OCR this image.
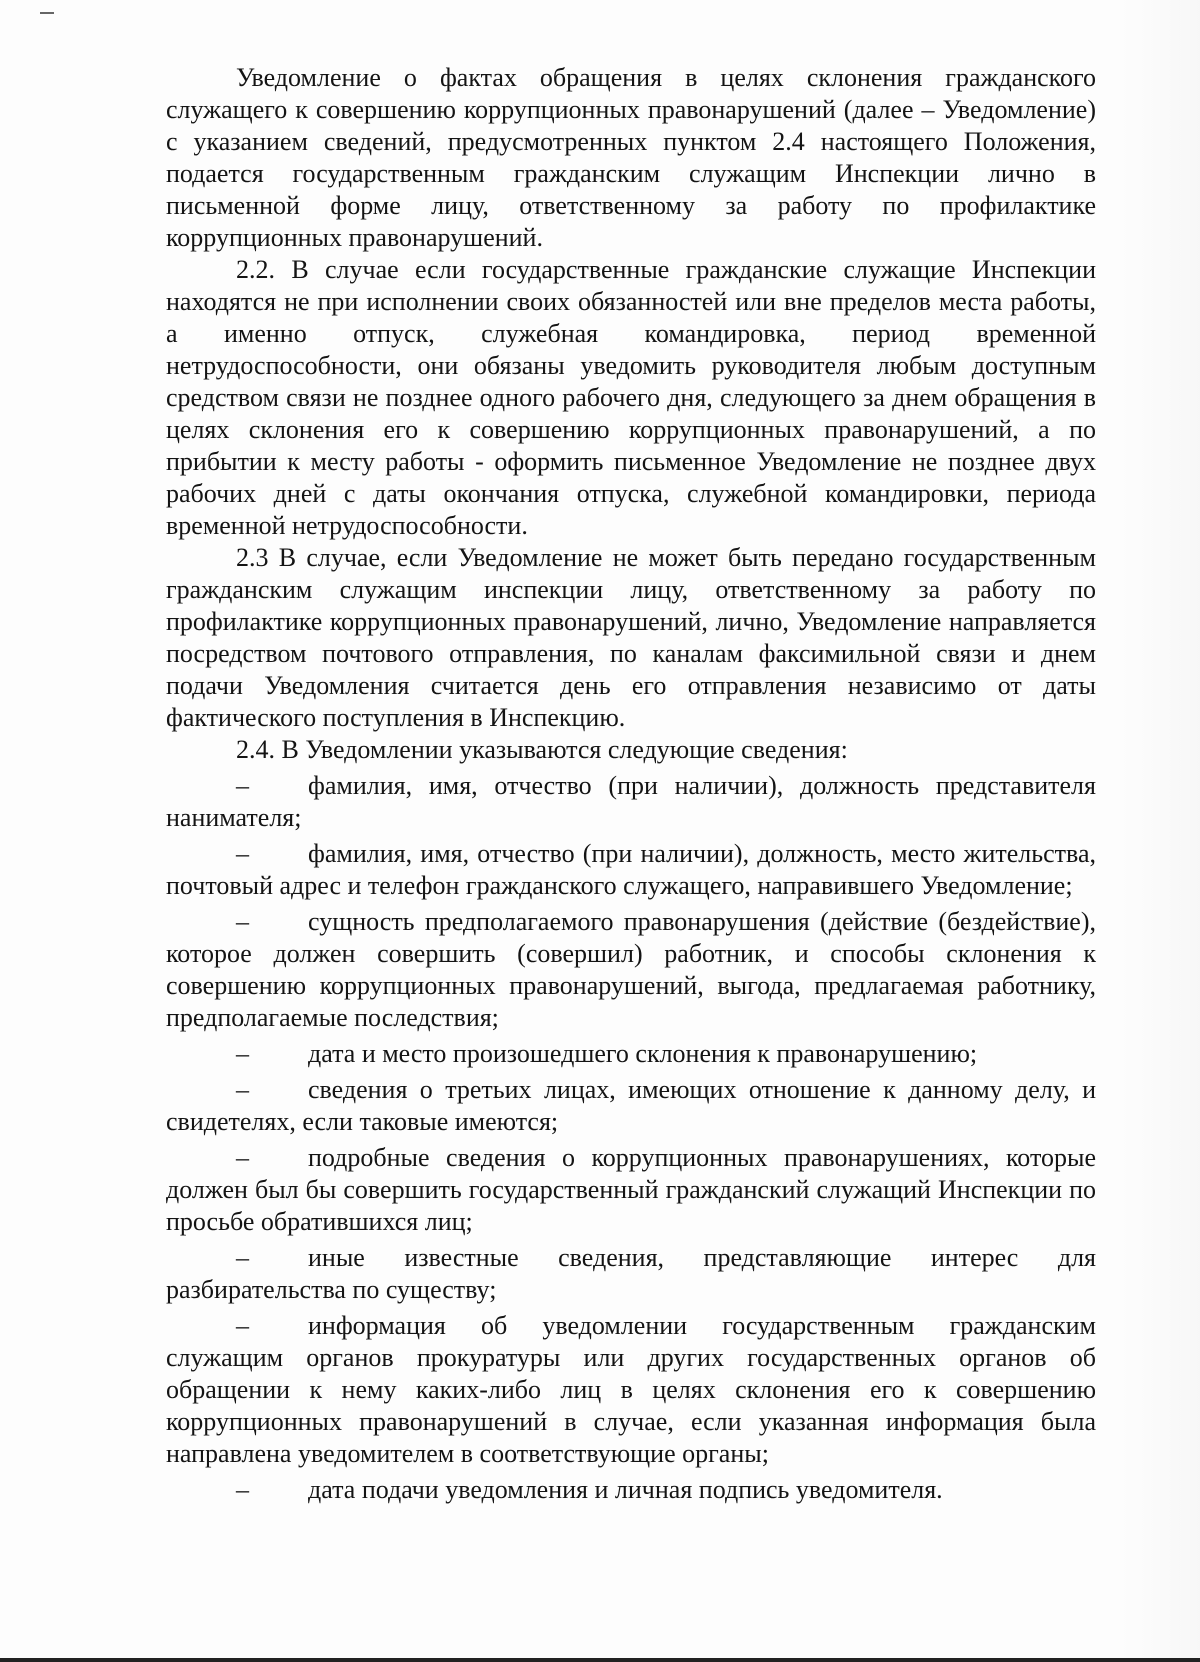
Уведомление о фактах обращения в целях склонения гражданского служащего к совершению коррупционных правонарушений (далее – Уведомление) с указанием сведений, предусмотренных пунктом 2.4 настоящего Положения, подается государственным гражданским служащим Инспекции лично в письменной форме лицу, ответственному за работу по профилактике коррупционных правонарушений.

2.2. В случае если государственные гражданские служащие Инспекции находятся не при исполнении своих обязанностей или вне пределов места работы, а именно отпуск, служебная командировка, период временной нетрудоспособности, они обязаны уведомить руководителя любым доступным средством связи не позднее одного рабочего дня, следующего за днем обращения в целях склонения его к совершению коррупционных правонарушений, а по прибытии к месту работы - оформить письменное Уведомление не позднее двух рабочих дней с даты окончания отпуска, служебной командировки, периода временной нетрудоспособности.

2.3 В случае, если Уведомление не может быть передано государственным гражданским служащим инспекции лицу, ответственному за работу по профилактике коррупционных правонарушений, лично, Уведомление направляется посредством почтового отправления, по каналам факсимильной связи и днем подачи Уведомления считается день его отправления независимо от даты фактического поступления в Инспекцию.

2.4. В Уведомлении указываются следующие сведения:

– фамилия, имя, отчество (при наличии), должность представителя нанимателя;

– фамилия, имя, отчество (при наличии), должность, место жительства, почтовый адрес и телефон гражданского служащего, направившего Уведомление;

– сущность предполагаемого правонарушения (действие (бездействие), которое должен совершить (совершил) работник, и способы склонения к совершению коррупционных правонарушений, выгода, предлагаемая работнику, предполагаемые последствия;

– дата и место произошедшего склонения к правонарушению;

– сведения о третьих лицах, имеющих отношение к данному делу, и свидетелях, если таковые имеются;

– подробные сведения о коррупционных правонарушениях, которые должен был бы совершить государственный гражданский служащий Инспекции по просьбе обратившихся лиц;

– иные известные сведения, представляющие интерес для разбирательства по существу;

– информация об уведомлении государственным гражданским служащим органов прокуратуры или других государственных органов об обращении к нему каких-либо лиц в целях склонения его к совершению коррупционных правонарушений в случае, если указанная информация была направлена уведомителем в соответствующие органы;

– дата подачи уведомления и личная подпись уведомителя.
